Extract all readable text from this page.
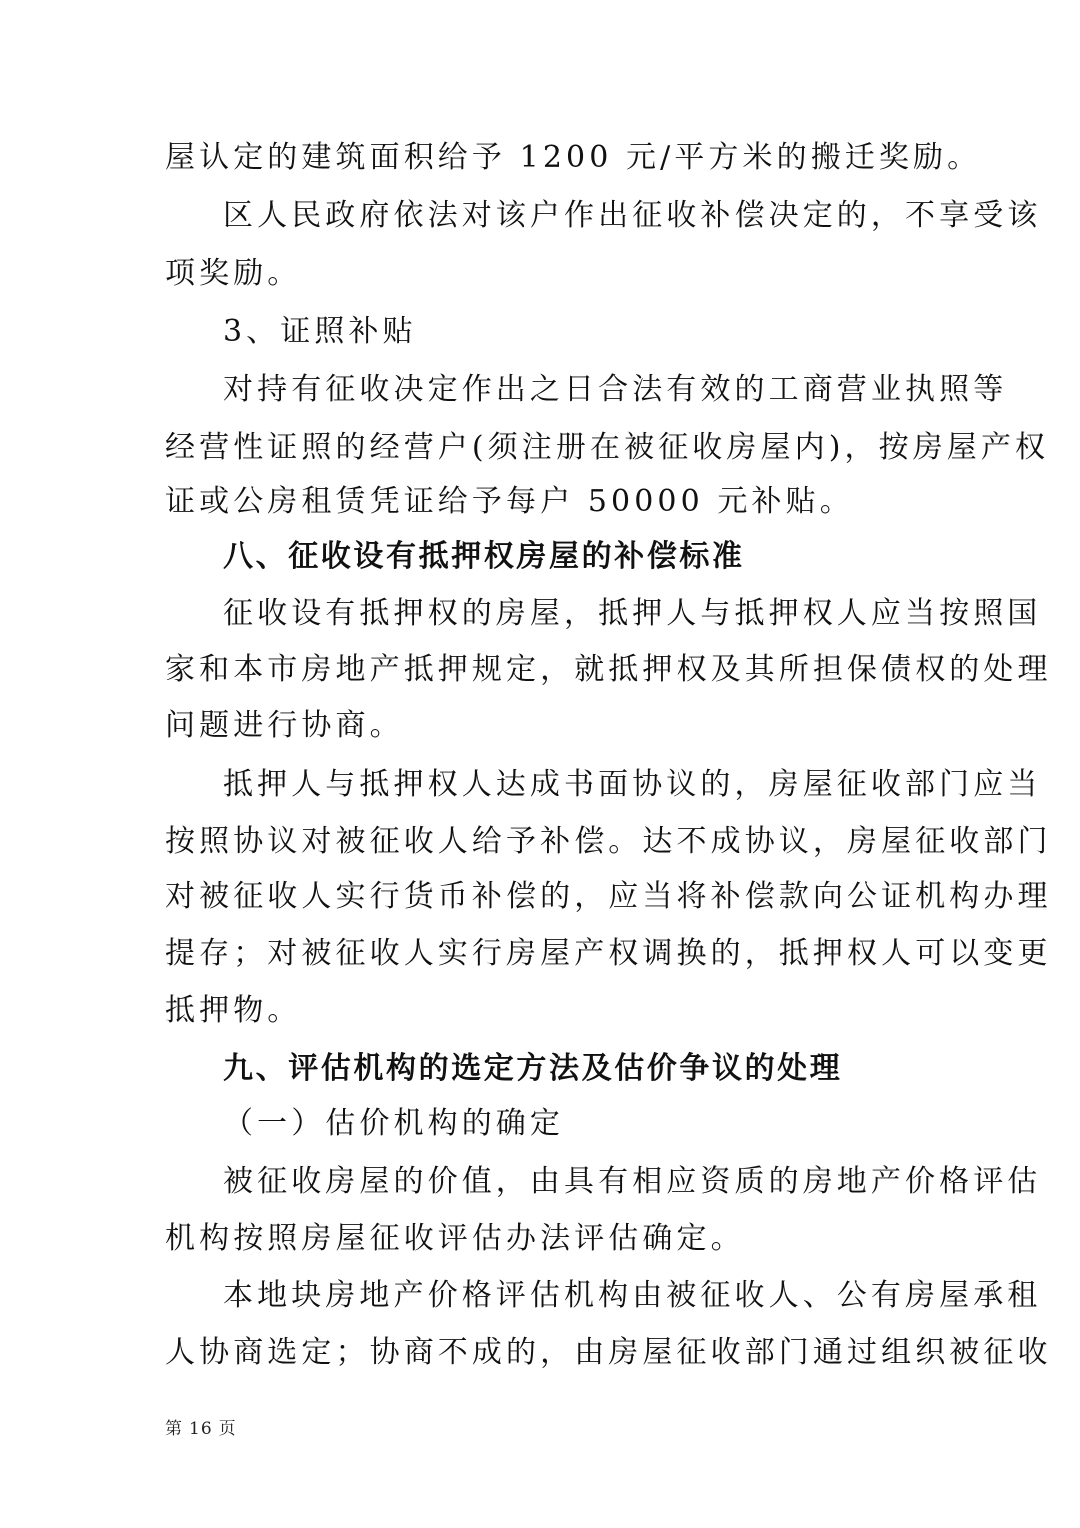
屋认定的建筑面积给予 1200 元/平方米的搬迁奖励。
区人民政府依法对该户作出征收补偿决定的，不享受该
项奖励。
3、证照补贴
对持有征收决定作出之日合法有效的工商营业执照等
经营性证照的经营户(须注册在被征收房屋内)，按房屋产权
证或公房租赁凭证给予每户 50000 元补贴。
八、征收设有抵押权房屋的补偿标准
征收设有抵押权的房屋，抵押人与抵押权人应当按照国
家和本市房地产抵押规定，就抵押权及其所担保债权的处理
问题进行协商。
抵押人与抵押权人达成书面协议的，房屋征收部门应当
按照协议对被征收人给予补偿。达不成协议，房屋征收部门
对被征收人实行货币补偿的，应当将补偿款向公证机构办理
提存；对被征收人实行房屋产权调换的，抵押权人可以变更
抵押物。
九、评估机构的选定方法及估价争议的处理
（一）估价机构的确定
被征收房屋的价值，由具有相应资质的房地产价格评估
机构按照房屋征收评估办法评估确定。
本地块房地产价格评估机构由被征收人、公有房屋承租
人协商选定；协商不成的，由房屋征收部门通过组织被征收
第 16 页
